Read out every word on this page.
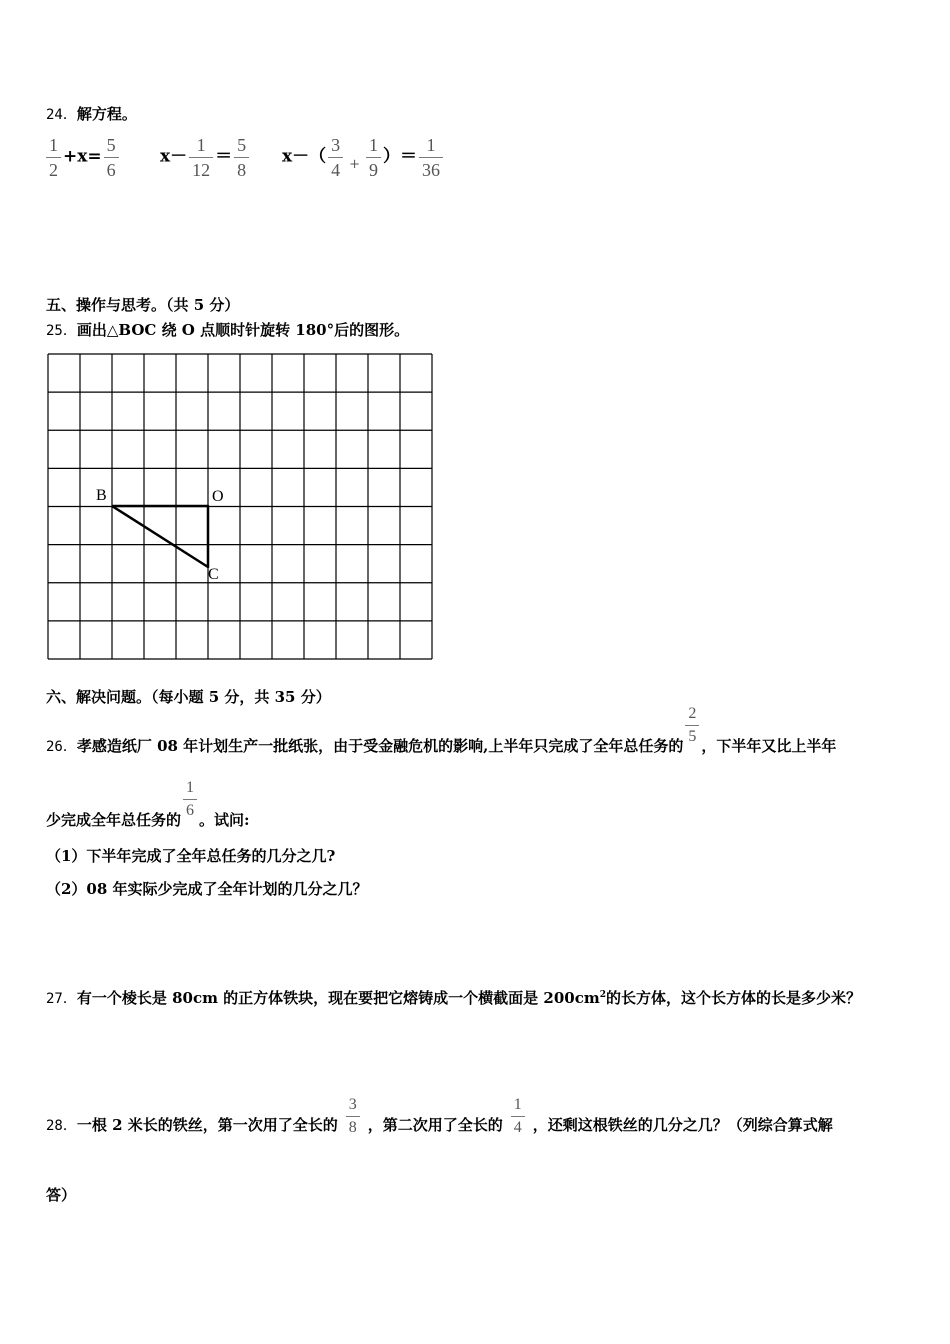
24．解方程。
$\frac{1}{2} +x= \frac{5}{6} x- \frac{1}{12} = \frac{5}{8} x-( \frac{3}{4} + \frac{1}{9}$ ）＝ $\frac{1}{36}$
五、操作与思考。（共 5 分）
25．画出△BOC 绕 O 点顺时针旋转 180°后的图形。
B	O
C
六、解决问题。（每小题 5 分，共 35 分）
26．孝感造纸厂 08 年计划生产一批纸张，由于受金融危机的影响,上半年只完成了全年总任务的
$\frac{2}{5}$
，下半年又比上半年
少完成全年总任务的
$\frac{1}{6}$
。试问:
（1）下半年完成了全年总任务的几分之几?
（2）08 年实际少完成了全年计划的几分之几？
27．有一个棱长是 80cm 的正方体铁块，现在要把它熔铸成一个横截面是 $200cm^2$的长方体，这个长方体的长是多少米？
28．一根 2 米长的铁丝，第一次用了全长的 $\frac{3}{8}$ ，第二次用了全长的 $\frac{1}{4}$ ，还剩这根铁丝的几分之几？（列综合算式解
答）
